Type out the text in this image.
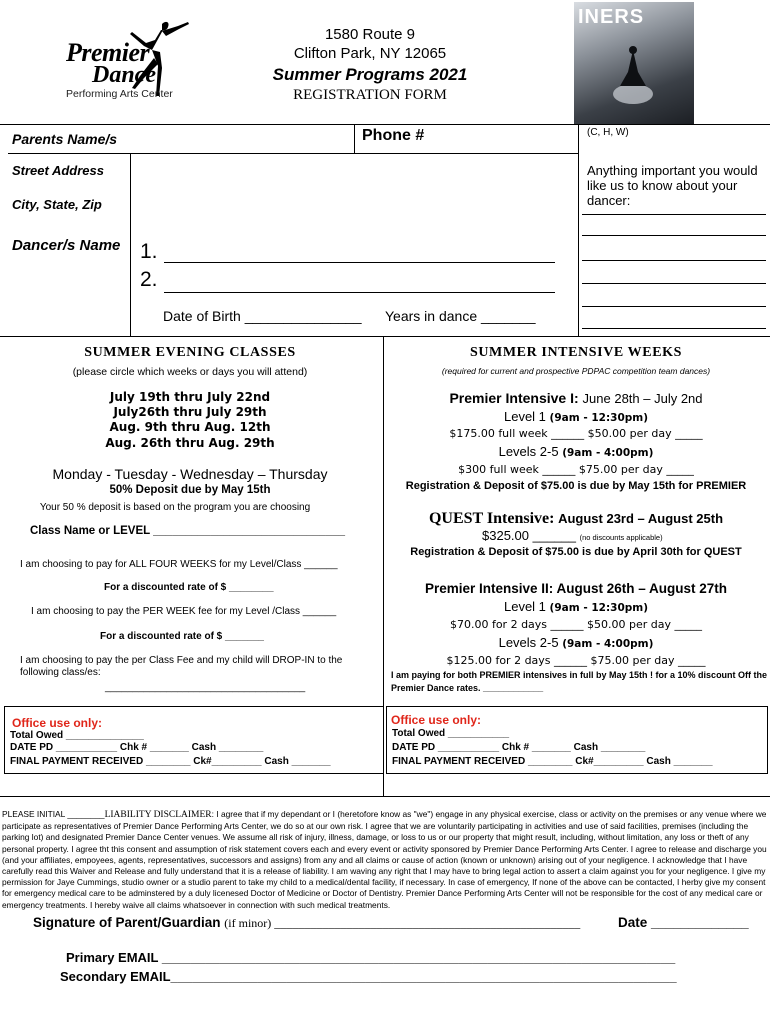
Premier
Dance
Performing Arts Center
1580 Route 9
Clifton Park, NY 12065
Summer Programs 2021
REGISTRATION FORM
INERS
Parents Name/s	Phone #	(C, H, W)
Street Address
City, State, Zip
Dancer/s Name 1.
2.
Date of Birth _______________ Years in dance _______
Anything important you would like us to know about your dancer:
SUMMER EVENING CLASSES
(please circle which weeks or days you will attend)
July 19th thru July 22nd
July26th thru July 29th
Aug. 9th thru Aug. 12th
Aug. 26th thru Aug. 29th
Monday - Tuesday - Wednesday – Thursday
50% Deposit due by May 15th
Your 50 % deposit is based on the program you are choosing
Class Name or LEVEL ______________________________
I am choosing to pay for ALL FOUR WEEKS for my Level/Class ______
For a discounted rate of $ ________
I am choosing to pay the PER WEEK fee for my Level /Class ______
For a discounted rate of $ _______
I am choosing to pay the per Class Fee and my child will DROP-IN to the following class/es:
____________________________________
Office use only:
Total Owed ______________
DATE PD ___________ Chk # _______ Cash ________
FINAL PAYMENT RECEIVED ________ Ck#_________ Cash _______
SUMMER INTENSIVE WEEKS
(required for current and prospective PDPAC competition team dances)
Premier Intensive I: June 28th – July 2nd
Level 1 (9am - 12:30pm)
$175.00 full week ______ $50.00 per day _____
Levels 2-5 (9am - 4:00pm)
$300 full week ______ $75.00 per day _____
Registration & Deposit of $75.00 is due by May 15th for PREMIER
QUEST Intensive: August 23rd – August 25th
$325.00 ______ (no discounts applicable)
Registration & Deposit of $75.00 is due by April 30th for QUEST
Premier Intensive II: August 26th – August 27th
Level 1 (9am - 12:30pm)
$70.00 for 2 days ______ $50.00 per day _____
Levels 2-5 (9am - 4:00pm)
$125.00 for 2 days ______ $75.00 per day _____
I am paying for both PREMIER intensives in full by May 15th ! for a 10% discount Off the Premier Dance rates. ____________
Office use only:
Total Owed ___________
DATE PD ___________ Chk # _______ Cash ________
FINAL PAYMENT RECEIVED ________ Ck#_________ Cash _______
PLEASE INITIAL ________LIABILITY DISCLAIMER: I agree that if my dependant or I (heretofore know as "we") engage in any physical exercise, class or activity on the premises or any venue where we participate as representatives of Premier Dance Performing Arts Center, we do so at our own risk. I agree that we are voluntarily participating in activities and use of said facilities, premises (including the parking lot) and designated Premier Dance Center venues. We assume all risk of injury, illness, damage, or loss to us or our property that might result, including, without limitation, any loss or theft of any personal property. I agree tht this consent and assumption of risk statement covers each and every event or activity sponsored by Premier Dance Performing Arts Center. I agree to release and discharge you (and your affiliates, empoyees, agents, representatives, successors and assigns) from any and all claims or cause of action (known or unknown) arising out of your negligence. I acknowledge that I have carefully read this Waiver and Release and fully understand that it is a release of liability. I am waving any right that I may have to bring legal action to assert a claim against you for your negligence. I give my permission for Jaye Cummings, studio owner or a studio parent to take my child to a medical/dental facility, if necessary. In case of emergency, If none of the above can be contacted, I herby give my consent for emergency medical care to be adminstered by a duly licenesed Doctor of Medicine or Doctor of Dentistry. Premier Dance Performing Arts Center will not be responsible for the cost of any medical care or emergency treatments. I hereby waive all claims whatsoever in connection with such medical treatments.
Signature of Parent/Guardian (if minor) ___________________________________________________	Date _____________
Primary EMAIL _______________________________________________________________________
Secondary EMAIL______________________________________________________________________
